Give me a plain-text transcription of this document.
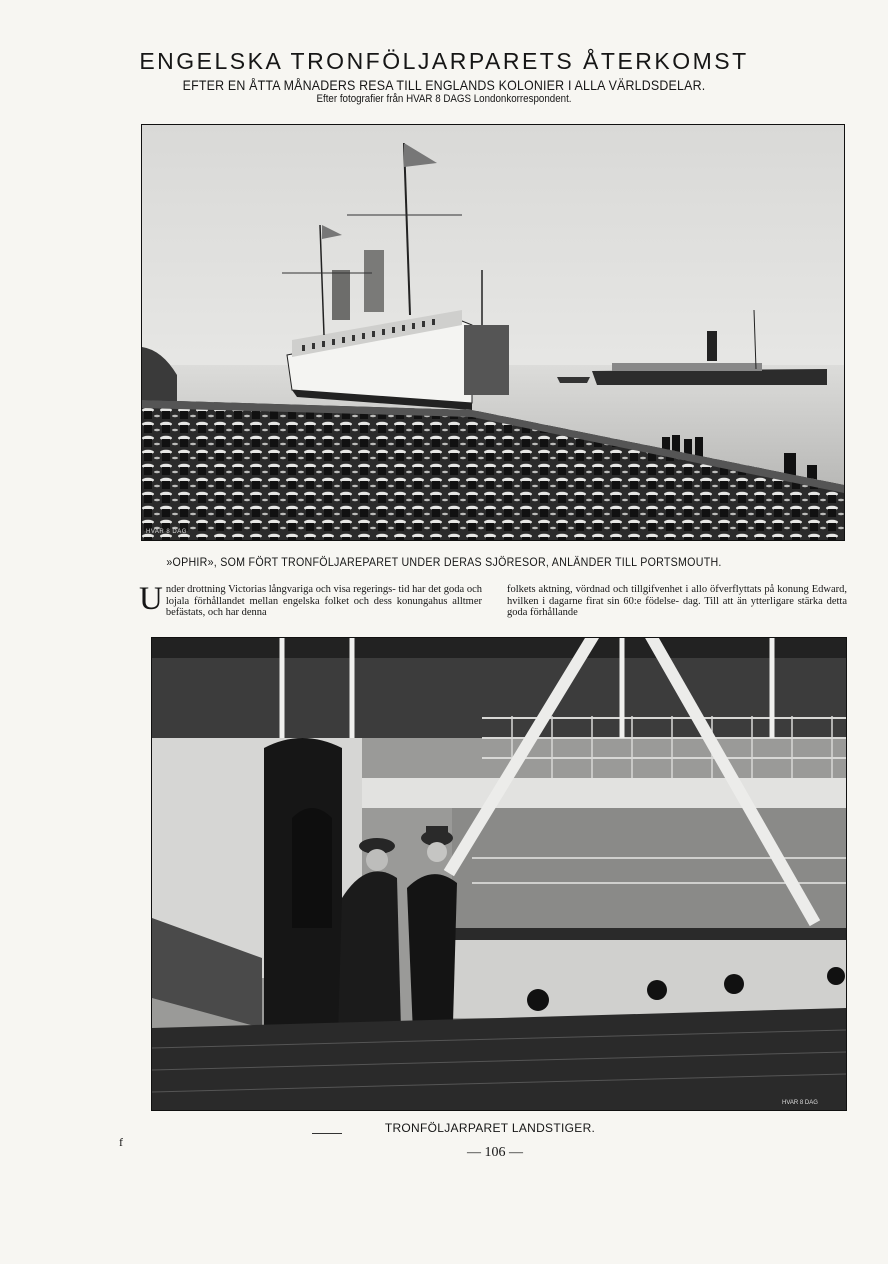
ENGELSKA TRONFÖLJARPARETS ÅTERKOMST
EFTER EN ÅTTA MÅNADERS RESA TILL ENGLANDS KOLONIER I ALLA VÄRLDSDELAR.
Efter fotografier från HVAR 8 DAGS Londonkorrespondent.
HVAR 8 DAG
»OPHIR», SOM FÖRT TRONFÖLJAREPARET UNDER DERAS SJÖRESOR, ANLÄNDER TILL PORTSMOUTH.

Under drottning Victorias långvariga och visa regerings- tid har det goda och lojala förhållandet mellan engelska folket och dess konungahus alltmer befästats, och har denna

folkets aktning, vördnad och tillgifvenhet i allo öfverflyttats på konung Edward, hvilken i dagarne firat sin 60:e födelse- dag. Till att än ytterligare stärka detta goda förhållande

HVAR 8 DAG
TRONFÖLJARPARET LANDSTIGER.
— 106 —
f
